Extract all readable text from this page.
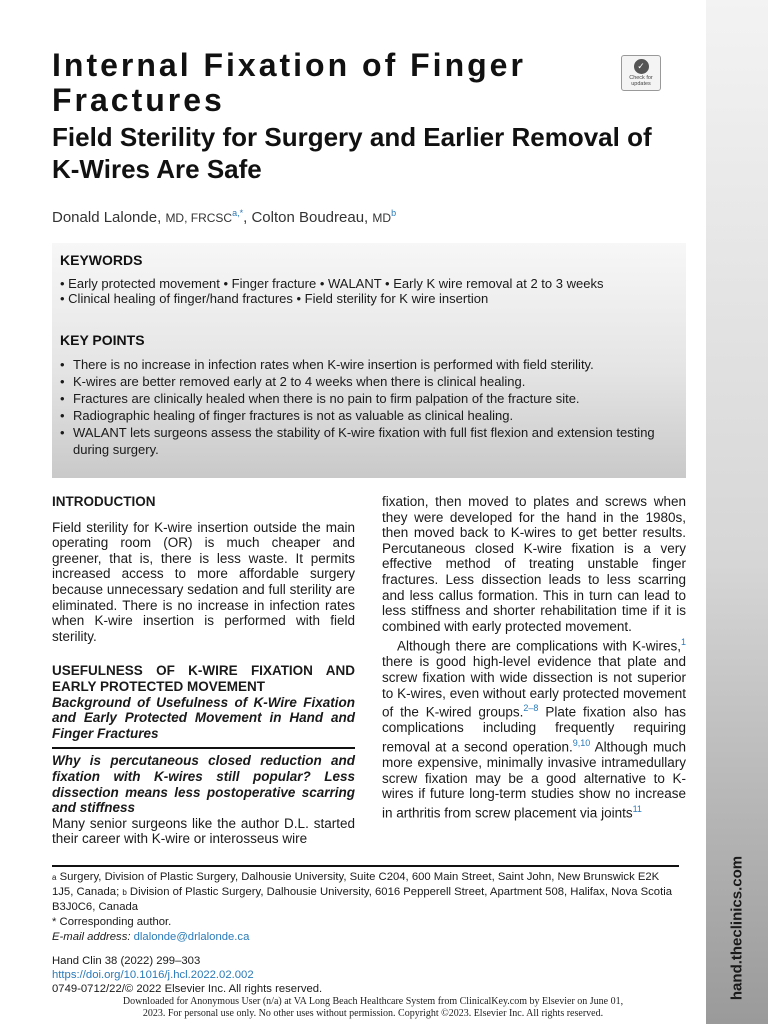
hand.theclinics.com
Internal Fixation of Finger Fractures
Field Sterility for Surgery and Earlier Removal of K-Wires Are Safe
✓
Check for updates
Donald Lalonde, MD, $FRCSC^{a,*}$, Colton Boudreau, $MD^b$
KEYWORDS
• Early protected movement • Finger fracture • WALANT • Early K wire removal at 2 to 3 weeks
• Clinical healing of finger/hand fractures • Field sterility for K wire insertion
KEY POINTS
• There is no increase in infection rates when K-wire insertion is performed with field sterility.
• K-wires are better removed early at 2 to 4 weeks when there is clinical healing.
• Fractures are clinically healed when there is no pain to firm palpation of the fracture site.
• Radiographic healing of finger fractures is not as valuable as clinical healing.
• WALANT lets surgeons assess the stability of K-wire fixation with full fist flexion and extension testing during surgery.
INTRODUCTION

Field sterility for K-wire insertion outside the main operating room (OR) is much cheaper and greener, that is, there is less waste. It permits increased access to more affordable surgery because unnecessary sedation and full sterility are eliminated. There is no increase in infection rates when K-wire insertion is performed with field sterility.

USEFULNESS OF K-WIRE FIXATION AND EARLY PROTECTED MOVEMENT
Background of Usefulness of K-Wire Fixation and Early Protected Movement in Hand and Finger Fractures
Why is percutaneous closed reduction and fixation with K-wires still popular? Less dissection means less postoperative scarring and stiffness

Many senior surgeons like the author D.L. started their career with K-wire or interosseus wire

fixation, then moved to plates and screws when they were developed for the hand in the 1980s, then moved back to K-wires to get better results. Percutaneous closed K-wire fixation is a very effective method of treating unstable finger fractures. Less dissection leads to less scarring and less callus formation. This in turn can lead to less stiffness and shorter rehabilitation time if it is combined with early protected movement.

Although there are complications with K-wires,$^1$ there is good high-level evidence that plate and screw fixation with wide dissection is not superior to K-wires, even without early protected movement of the K-wired groups.$^{2-8}$ Plate fixation also has complications including frequently requiring removal at a second operation.$^{9,10}$ Although much more expensive, minimally invasive intramedullary screw fixation may be a good alternative to K-wires if future long-term studies show no increase in arthritis from screw placement via joints$^{11}$

$^a$ Surgery, Division of Plastic Surgery, Dalhousie University, Suite C204, 600 Main Street, Saint John, New Brunswick E2K 1J5, Canada; $^b$ Division of Plastic Surgery, Dalhousie University, 6016 Pepperell Street, Apartment 508, Halifax, Nova Scotia B3J0C6, Canada
* Corresponding author.
E-mail address: dlalonde@drlalonde.ca
Hand Clin 38 (2022) 299–303
https://doi.org/10.1016/j.hcl.2022.02.002
0749-0712/22/© 2022 Elsevier Inc. All rights reserved.
Downloaded for Anonymous User (n/a) at VA Long Beach Healthcare System from ClinicalKey.com by Elsevier on June 01,
2023. For personal use only. No other uses without permission. Copyright ©2023. Elsevier Inc. All rights reserved.
